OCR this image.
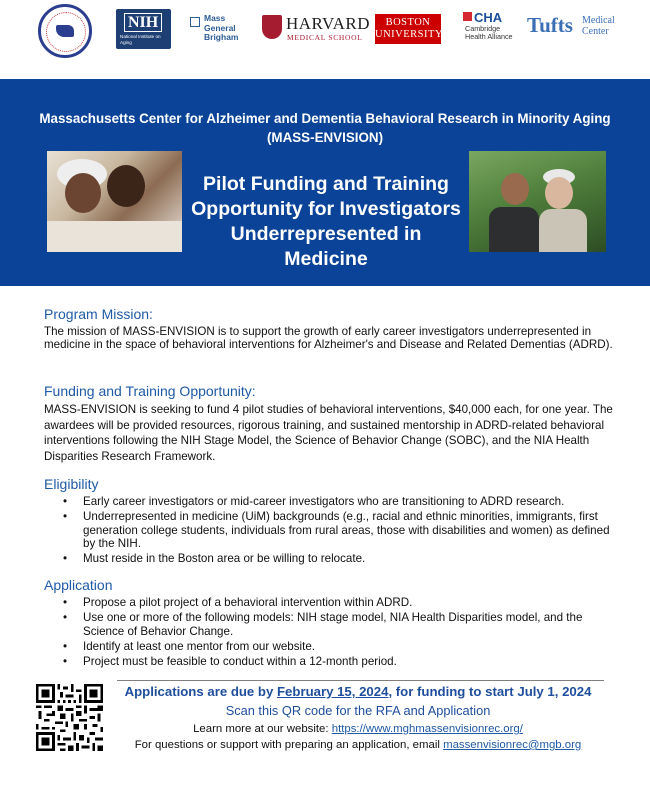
NIH
National Institute on Aging
Mass
General
Brigham
HARVARD
MEDICAL SCHOOL
BOSTON
UNIVERSITY
CHA
Cambridge
Health Alliance Tufts Medical
Center
Massachusetts Center for Alzheimer and Dementia Behavioral Research in Minority Aging
(MASS-ENVISION)
Pilot Funding and Training
Opportunity for Investigators
Underrepresented in Medicine
Program Mission:
The mission of MASS-ENVISION is to support the growth of early career investigators underrepresented in medicine in the space of behavioral interventions for Alzheimer's and Disease and Related Dementias (ADRD).
Funding and Training Opportunity:
MASS-ENVISION is seeking to fund 4 pilot studies of behavioral interventions, $40,000 each, for one year. The awardees will be provided resources, rigorous training, and sustained mentorship in ADRD-related behavioral interventions following the NIH Stage Model, the Science of Behavior Change (SOBC), and the NIA Health Disparities Research Framework.
Eligibility
• Early career investigators or mid-career investigators who are transitioning to ADRD research.
• Underrepresented in medicine (UiM) backgrounds (e.g., racial and ethnic minorities, immigrants, first generation college students, individuals from rural areas, those with disabilities and women) as defined by the NIH.
• Must reside in the Boston area or be willing to relocate.
Application
• Propose a pilot project of a behavioral intervention within ADRD.
• Use one or more of the following models: NIH stage model, NIA Health Disparities model, and the Science of Behavior Change.
• Identify at least one mentor from our website.
• Project must be feasible to conduct within a 12-month period.
Applications are due by February 15, 2024, for funding to start July 1, 2024
Scan this QR code for the RFA and Application
Learn more at our website: https://www.mghmassenvisionrec.org/
For questions or support with preparing an application, email massenvisionrec@mgb.org
